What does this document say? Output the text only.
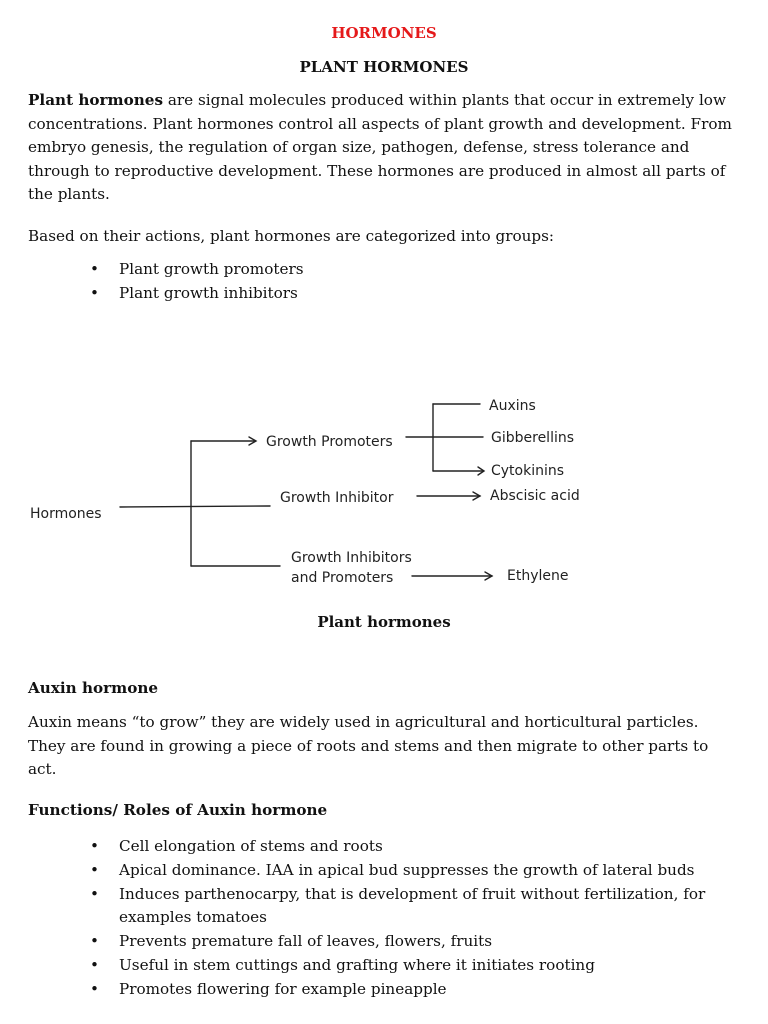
HORMONES
PLANT HORMONES
Plant hormones are signal molecules produced within plants that occur in extremely low concentrations. Plant hormones control all aspects of plant growth and development. From embryo genesis, the regulation of organ size, pathogen, defense, stress tolerance and through to reproductive development. These hormones are produced in almost all parts of the plants.
Based on their actions, plant hormones are categorized into groups:
• Plant growth promoters
• Plant growth inhibitors
Hormones
Growth Promoters
Auxins
Gibberellins
Cytokinins
Growth Inhibitor	Abscisic acid
Growth Inhibitors
and Promoters	Ethylene
Plant hormones
Auxin hormone
Auxin means “to grow” they are widely used in agricultural and horticultural particles. They are found in growing a piece of roots and stems and then migrate to other parts to act.
Functions/ Roles of Auxin hormone
• Cell elongation of stems and roots
• Apical dominance. IAA in apical bud suppresses the growth of lateral buds
• Induces parthenocarpy, that is development of fruit without fertilization, for examples tomatoes
• Prevents premature fall of leaves, flowers, fruits
• Useful in stem cuttings and grafting where it initiates rooting
• Promotes flowering for example pineapple
